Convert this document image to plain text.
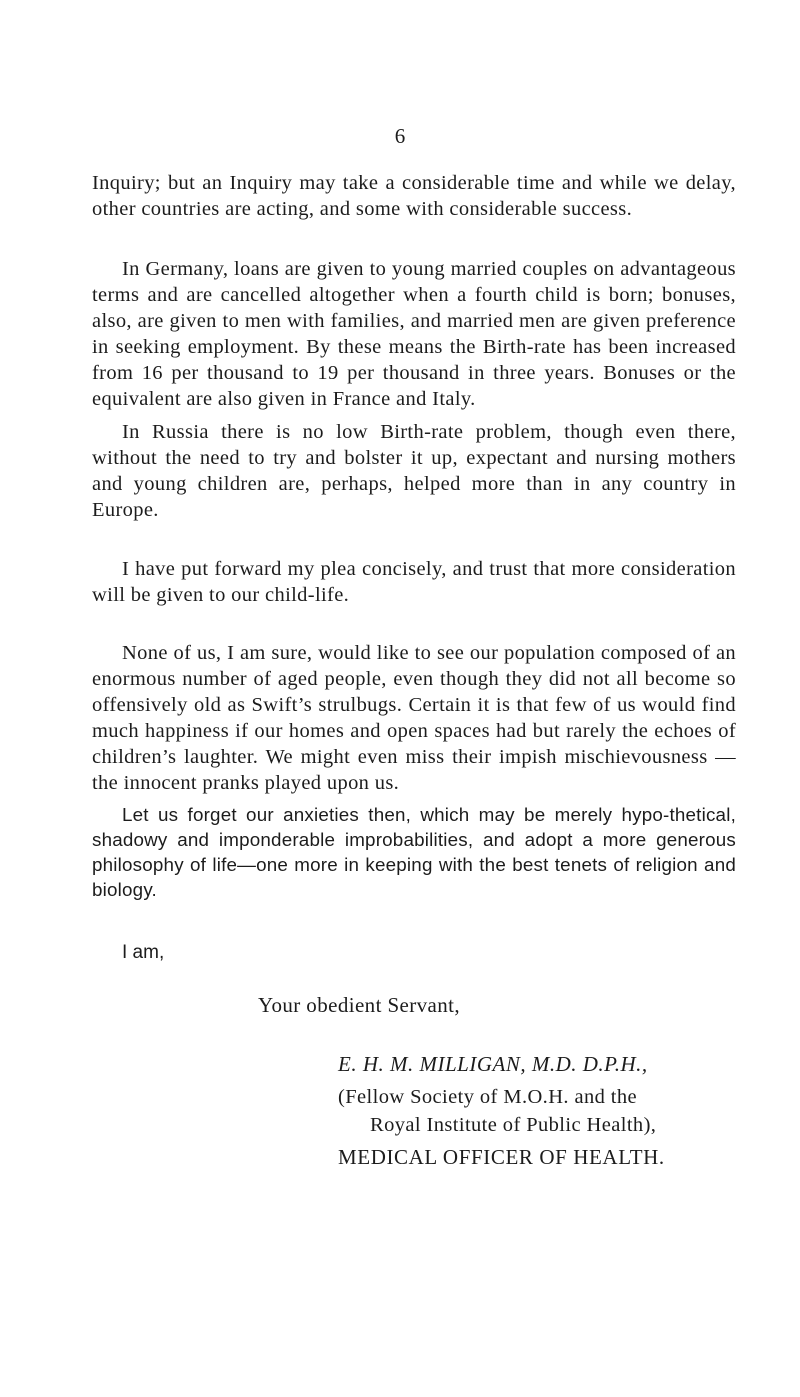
6

Inquiry; but an Inquiry may take a considerable time and while we delay, other countries are acting, and some with considerable success.

In Germany, loans are given to young married couples on advantageous terms and are cancelled altogether when a fourth child is born; bonuses, also, are given to men with families, and married men are given preference in seeking employment. By these means the Birth-rate has been increased from 16 per thousand to 19 per thousand in three years. Bonuses or the equivalent are also given in France and Italy.

In Russia there is no low Birth-rate problem, though even there, without the need to try and bolster it up, expectant and nursing mothers and young children are, perhaps, helped more than in any country in Europe.

I have put forward my plea concisely, and trust that more consideration will be given to our child-life.

None of us, I am sure, would like to see our population composed of an enormous number of aged people, even though they did not all become so offensively old as Swift’s strulbugs. Certain it is that few of us would find much happiness if our homes and open spaces had but rarely the echoes of children’s laughter. We might even miss their impish mischievousness —the innocent pranks played upon us.

Let us forget our anxieties then, which may be merely hypo-thetical, shadowy and imponderable improbabilities, and adopt a more generous philosophy of life—one more in keeping with the best tenets of religion and biology.

I am,
Your obedient Servant,
E. H. M. MILLIGAN, M.D. D.P.H.,
(Fellow Society of M.O.H. and the
Royal Institute of Public Health),
MEDICAL OFFICER OF HEALTH.
